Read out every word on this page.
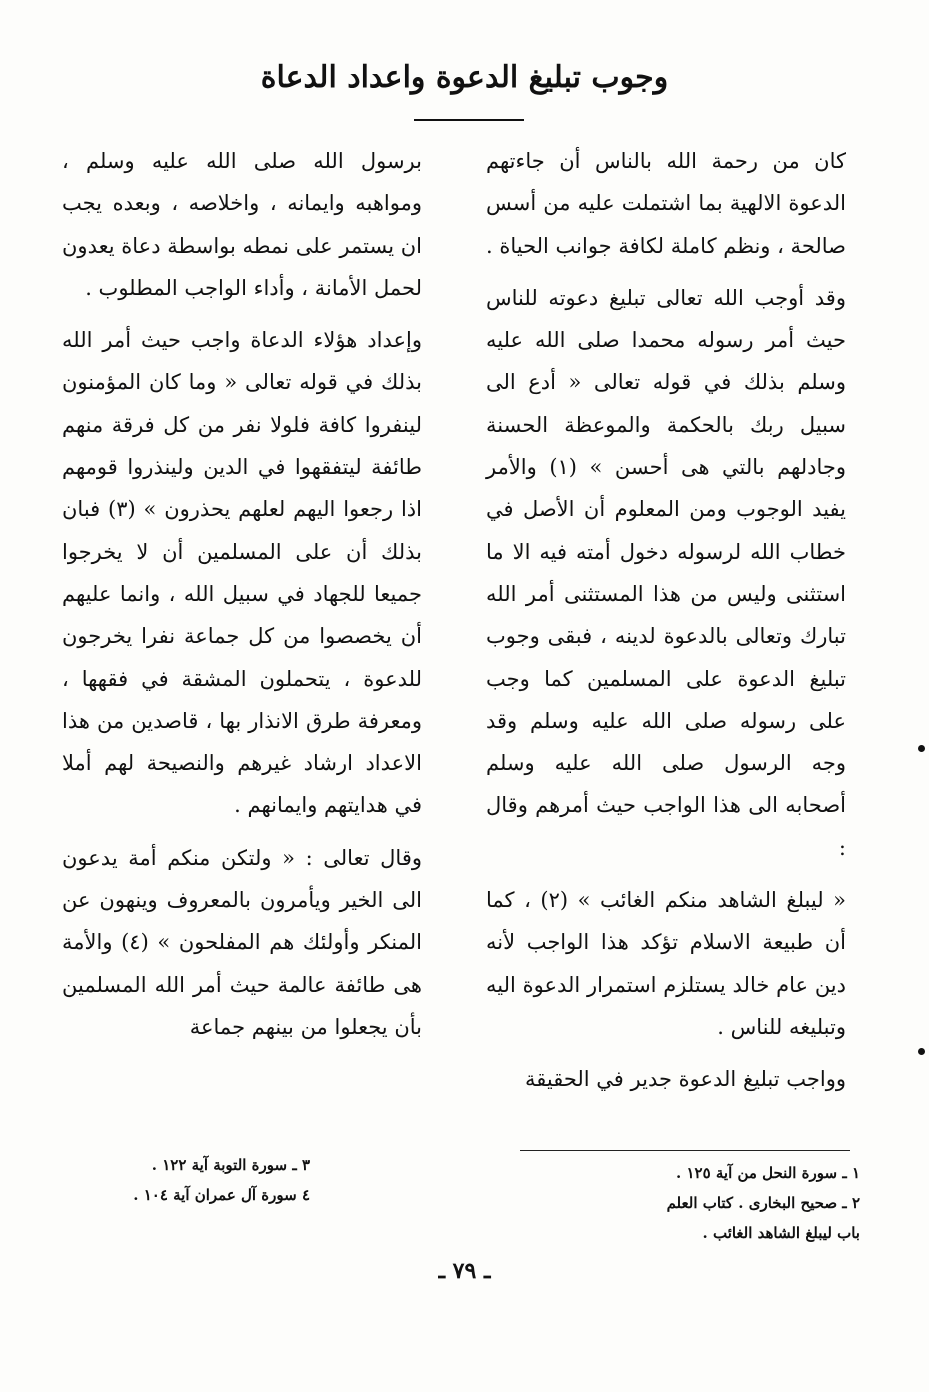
وجوب تبليغ الدعوة واعداد الدعاة

كان من رحمة الله بالناس أن جاءتهم الدعوة الالهية بما اشتملت عليه من أسس صالحة ، ونظم كاملة لكافة جوانب الحياة .

وقد أوجب الله تعالى تبليغ دعوته للناس حيث أمر رسوله محمدا صلى الله عليه وسلم بذلك في قوله تعالى « أدع الى سبيل ربك بالحكمة والموعظة الحسنة وجادلهم بالتي هى أحسن » (١) والأمر يفيد الوجوب ومن المعلوم أن الأصل في خطاب الله لرسوله دخول أمته فيه الا ما استثنى وليس من هذا المستثنى أمر الله تبارك وتعالى بالدعوة لدينه ، فبقى وجوب تبليغ الدعوة على المسلمين كما وجب على رسوله صلى الله عليه وسلم وقد وجه الرسول صلى الله عليه وسلم أصحابه الى هذا الواجب حيث أمرهم وقال :

« ليبلغ الشاهد منكم الغائب » (٢) ، كما أن طبيعة الاسلام تؤكد هذا الواجب لأنه دين عام خالد يستلزم استمرار الدعوة اليه وتبليغه للناس .

وواجب تبليغ الدعوة جدير في الحقيقة

برسول الله صلى الله عليه وسلم ، ومواهبه وايمانه ، واخلاصه ، وبعده يجب ان يستمر على نمطه بواسطة دعاة يعدون لحمل الأمانة ، وأداء الواجب المطلوب .

وإعداد هؤلاء الدعاة واجب حيث أمر الله بذلك في قوله تعالى « وما كان المؤمنون لينفروا كافة فلولا نفر من كل فرقة منهم طائفة ليتفقهوا في الدين ولينذروا قومهم اذا رجعوا اليهم لعلهم يحذرون » (٣) فبان بذلك أن على المسلمين أن لا يخرجوا جميعا للجهاد في سبيل الله ، وانما عليهم أن يخصصوا من كل جماعة نفرا يخرجون للدعوة ، يتحملون المشقة في فقهها ، ومعرفة طرق الانذار بها ، قاصدين من هذا الاعداد ارشاد غيرهم والنصيحة لهم أملا في هدايتهم وايمانهم .

وقال تعالى : « ولتكن منكم أمة يدعون الى الخير ويأمرون بالمعروف وينهون عن المنكر وأولئك هم المفلحون » (٤) والأمة هى طائفة عالمة حيث أمر الله المسلمين بأن يجعلوا من بينهم جماعة

١ ـ سورة النحل من آية ١٢٥ .
٢ ـ صحيح البخارى . كتاب العلم
باب ليبلغ الشاهد الغائب .
٣ ـ سورة التوبة آية ١٢٢ .
٤ سورة آل عمران آية ١٠٤ .
ـ ٧٩ ـ
